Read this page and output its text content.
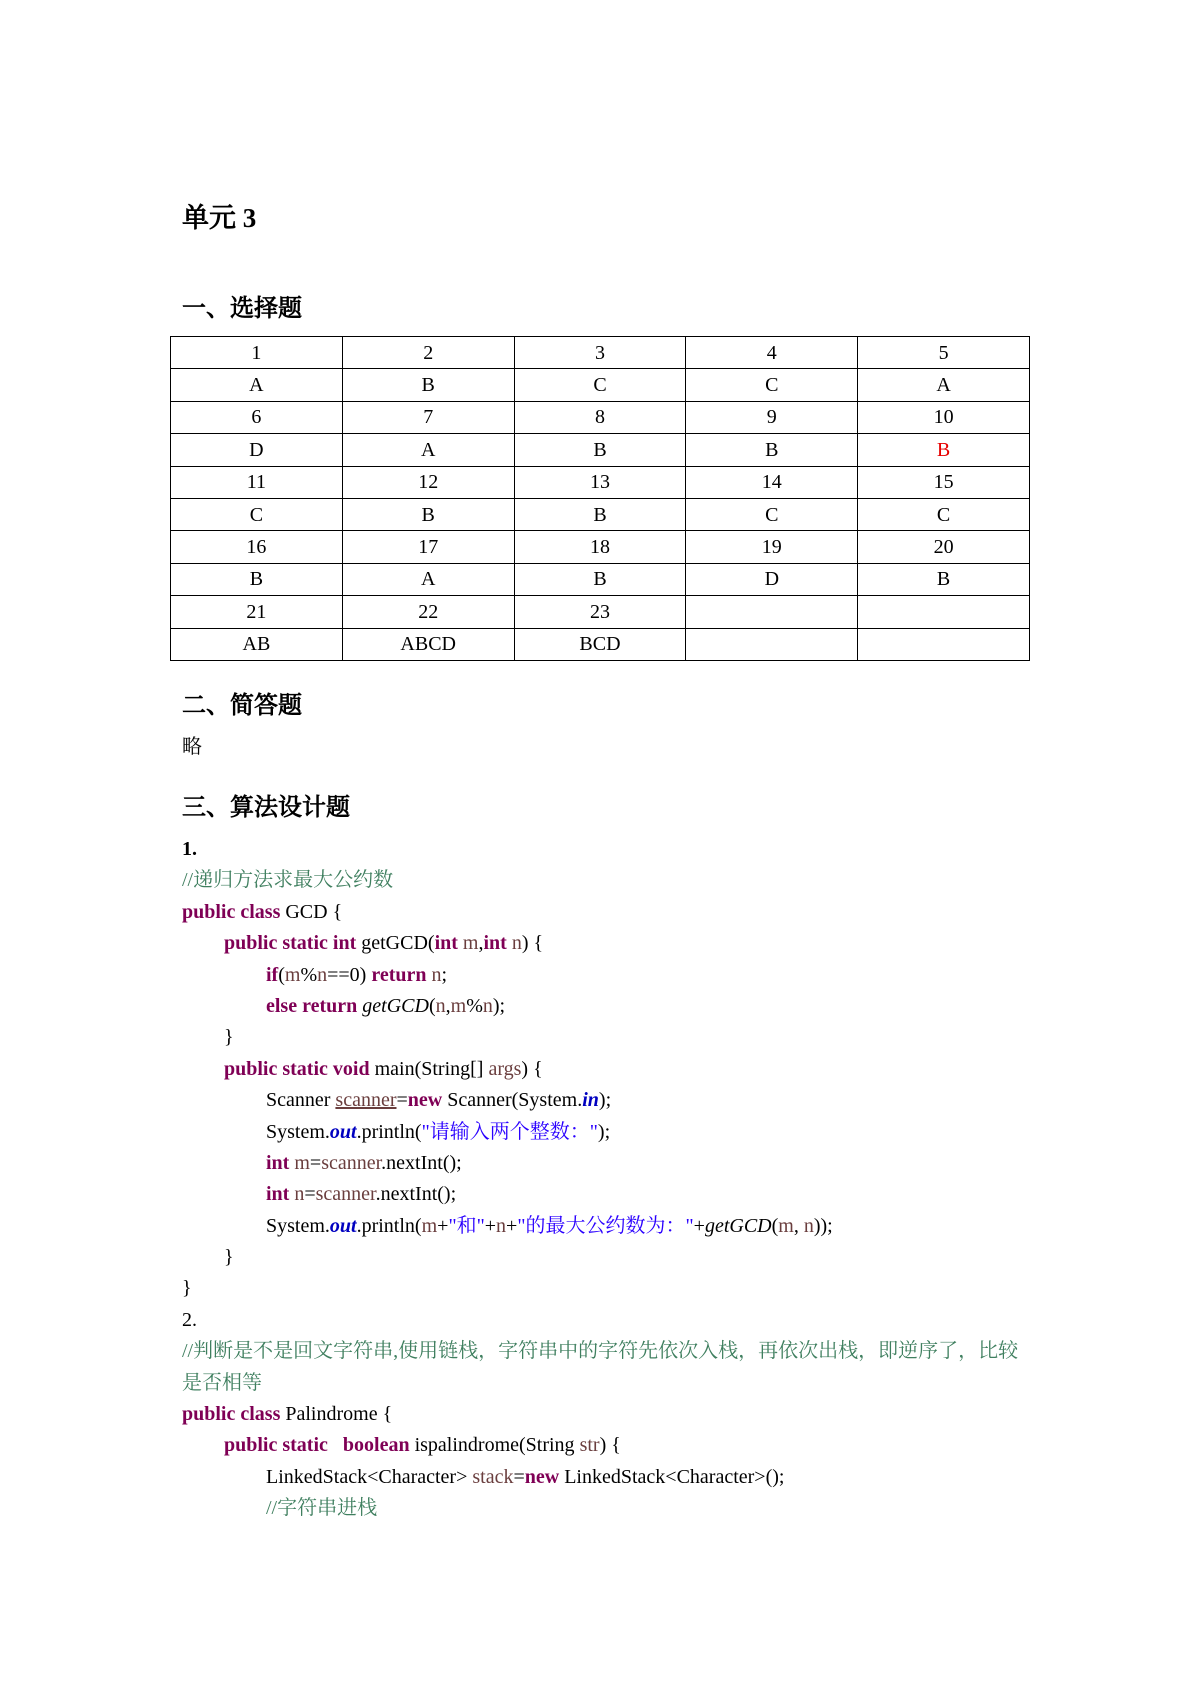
单元 3
一、选择题
1	2	3	4	5
A	B	C	C	A
6	7	8	9	10
D	A	B	B	B
11	12	13	14	15
C	B	B	C	C
16	17	18	19	20
B	A	B	D	B
21	22	23		
AB	ABCD	BCD		
二、简答题
略
三、算法设计题
1.
//递归方法求最大公约数
public class GCD {
public static int getGCD(int m,int n) {
if(m%n==0) return n;
else return getGCD(n,m%n);
}
public static void main(String[] args) {
Scanner scanner=new Scanner(System.in);
System.out.println("请输入两个整数：");
int m=scanner.nextInt();
int n=scanner.nextInt();
System.out.println(m+"和"+n+"的最大公约数为："+getGCD(m, n));
}
}
2.
//判断是不是回文字符串,使用链栈，字符串中的字符先依次入栈，再依次出栈，即逆序了，比较
是否相等
public class Palindrome {
public static   boolean ispalindrome(String str) {
LinkedStack<Character> stack=new LinkedStack<Character>();
//字符串进栈
